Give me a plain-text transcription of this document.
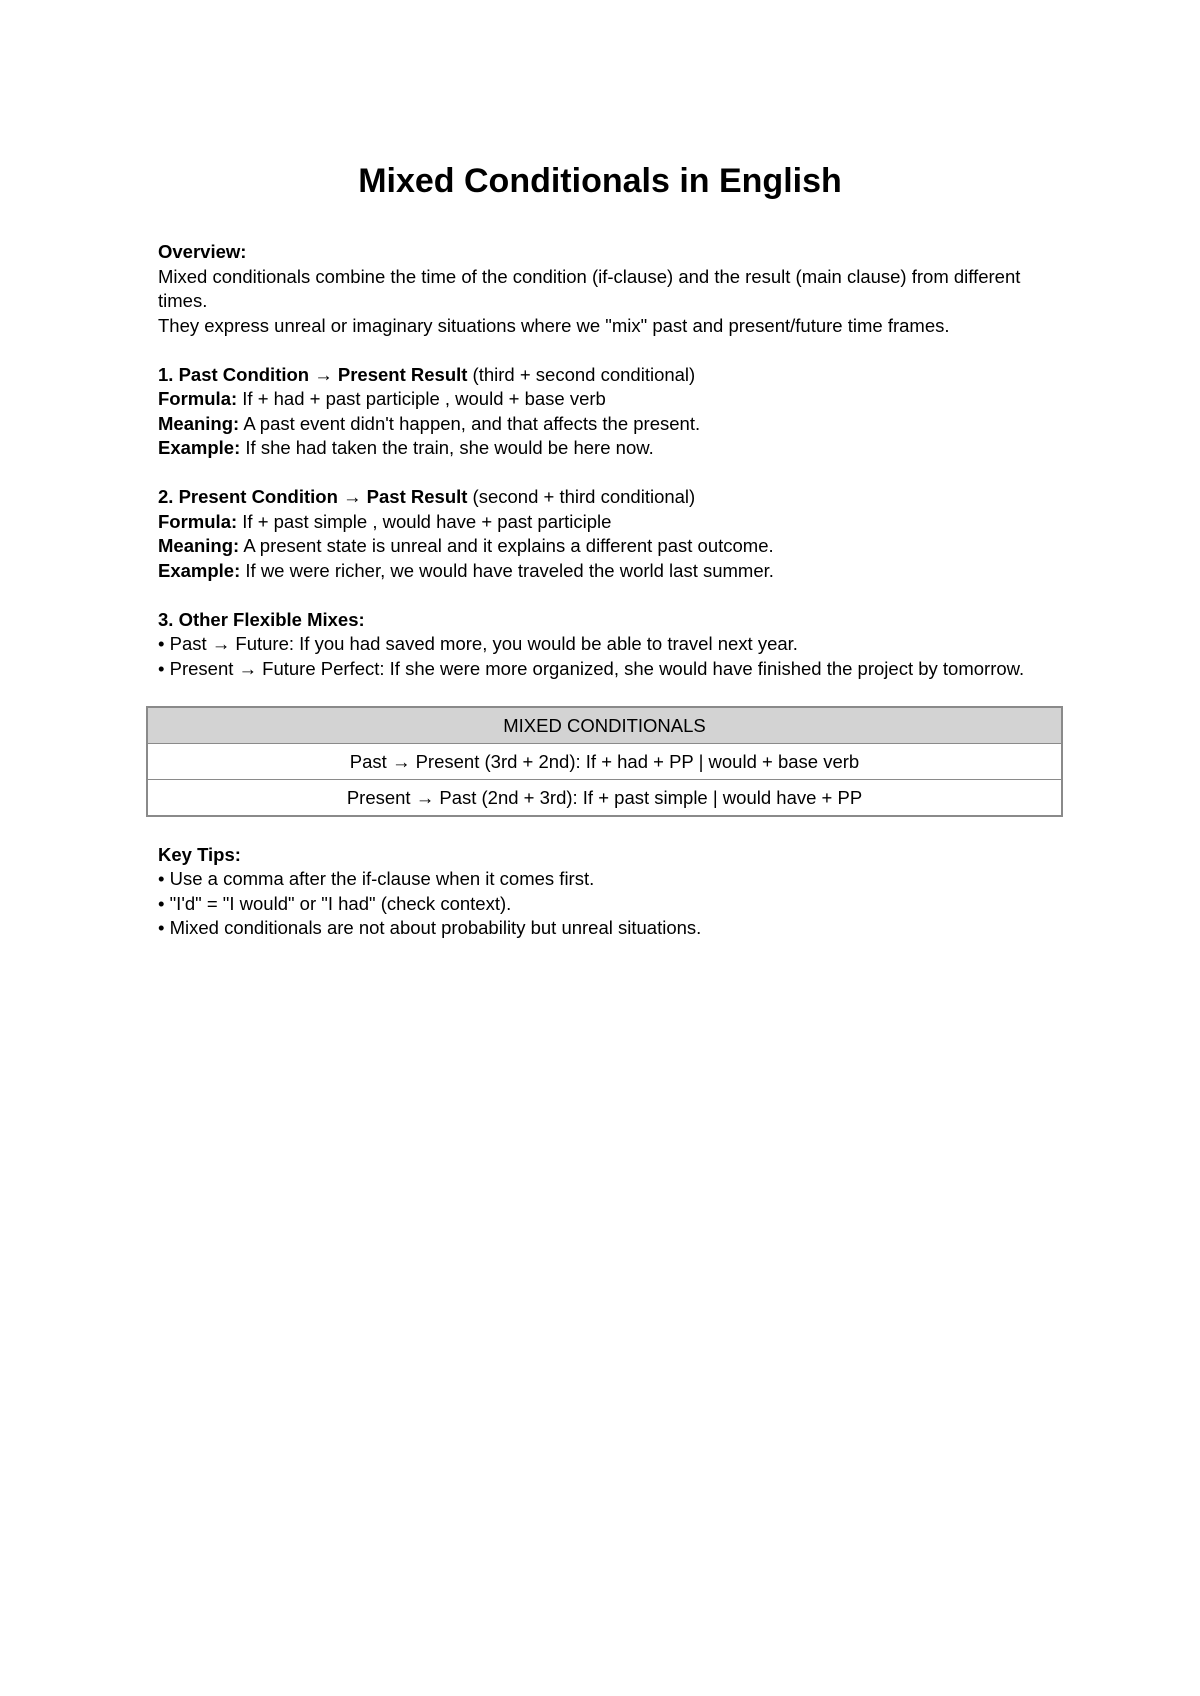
Mixed Conditionals in English

Overview:

Mixed conditionals combine the time of the condition (if-clause) and the result (main clause) from different times.

They express unreal or imaginary situations where we "mix" past and present/future time frames.

1. Past Condition → Present Result (third + second conditional)

Formula: If + had + past participle , would + base verb

Meaning: A past event didn't happen, and that affects the present.

Example: If she had taken the train, she would be here now.

2. Present Condition → Past Result (second + third conditional)

Formula: If + past simple , would have + past participle

Meaning: A present state is unreal and it explains a different past outcome.

Example: If we were richer, we would have traveled the world last summer.

3. Other Flexible Mixes:

• Past → Future: If you had saved more, you would be able to travel next year.

• Present → Future Perfect: If she were more organized, she would have finished the project by tomorrow.

MIXED CONDITIONALS
Past → Present (3rd + 2nd): If + had + PP | would + base verb
Present → Past (2nd + 3rd): If + past simple | would have + PP

Key Tips:

• Use a comma after the if-clause when it comes first.

• "I'd" = "I would" or "I had" (check context).

• Mixed conditionals are not about probability but unreal situations.
